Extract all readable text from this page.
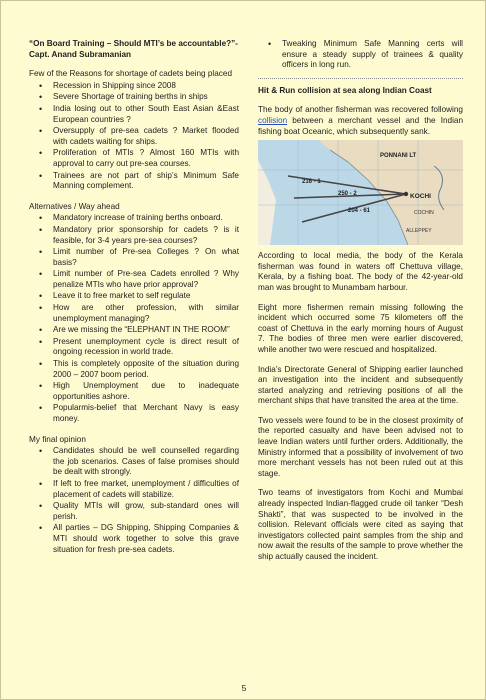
“On Board Training – Should MTI’s be accountable?”- Capt. Anand Subramanian

Few of the Reasons for shortage of cadets being placed

• Recession in Shipping since 2008
• Severe Shortage of training berths in ships
• India losing out to other South East Asian &East European countries ?
• Oversupply of pre-sea cadets ? Market flooded with cadets waiting for ships.
• Proliferation of MTIs ? Almost 160 MTIs with approval to carry out pre-sea courses.
• Trainees are not part of ship’s Minimum Safe Manning complement.

Alternatives / Way ahead

• Mandatory increase of training berths onboard.
• Mandatory prior sponsorship for cadets ? is it feasible, for 3-4 years pre-sea courses?
• Limit number of Pre-sea Colleges ? On what basis?
• Limit number of Pre-sea Cadets enrolled ? Why penalize MTIs who have prior approval?
• Leave it to free market to self regulate
• How are other profession, with similar unemployment managing?
• Are we missing the “ELEPHANT IN THE ROOM”
• Present unemployment cycle is direct result of ongoing recession in world trade.
• This is completely opposite of the situation during 2000 – 2007 boom period.
• High Unemployment due to inadequate opportunities ashore.
• Popularmis-belief that Merchant Navy is easy money.

My final opinion

• Candidates should be well counselled regarding the job scenarios. Cases of false promises should be dealt with strongly.
• If left to free market, unemployment / difficulties of placement of cadets will stabilize.
• Quality MTIs will grow, sub-standard ones will perish.
• All parties – DG Shipping, Shipping Companies & MTI should work together to solve this grave situation for fresh pre-sea cadets.
• Tweaking Minimum Safe Manning certs will ensure a steady supply of trainees & quality officers in long run.

Hit & Run collision at sea along Indian Coast

The body of another fisherman was recovered following collision between a merchant vessel and the Indian fishing boat Oceanic, which subsequently sank.

PONNANI LT
KOCHI
COCHIN
ALLEPPEY
216 - 1
250 - 2
204 - 61

According to local media, the body of the Kerala fisherman was found in waters off Chettuva village, Kerala, by a fishing boat. The body of the 42-year-old man was brought to Munambam harbour.

Eight more fishermen remain missing following the incident which occurred some 75 kilometers off the coast of Chettuva in the early morning hours of August 7. The bodies of three men were earlier discovered, while another two were rescued and hospitalized.

India’s Directorate General of Shipping earlier launched an investigation into the incident and subsequently started analyzing and retrieving positions of all the merchant ships that have transited the area at the time.

Two vessels were found to be in the closest proximity of the reported casualty and have been advised not to leave Indian waters until further orders. Additionally, the Ministry informed that a possibility of involvement of two more merchant vessels has not been ruled out at this stage.

Two teams of investigators from Kochi and Mumbai already inspected Indian-flagged crude oil tanker “Desh Shakti”, that was suspected to be involved in the collision. Relevant officials were cited as saying that investigators collected paint samples from the ship and now await the results of the sample to prove whether the ship actually caused the incident.

5
